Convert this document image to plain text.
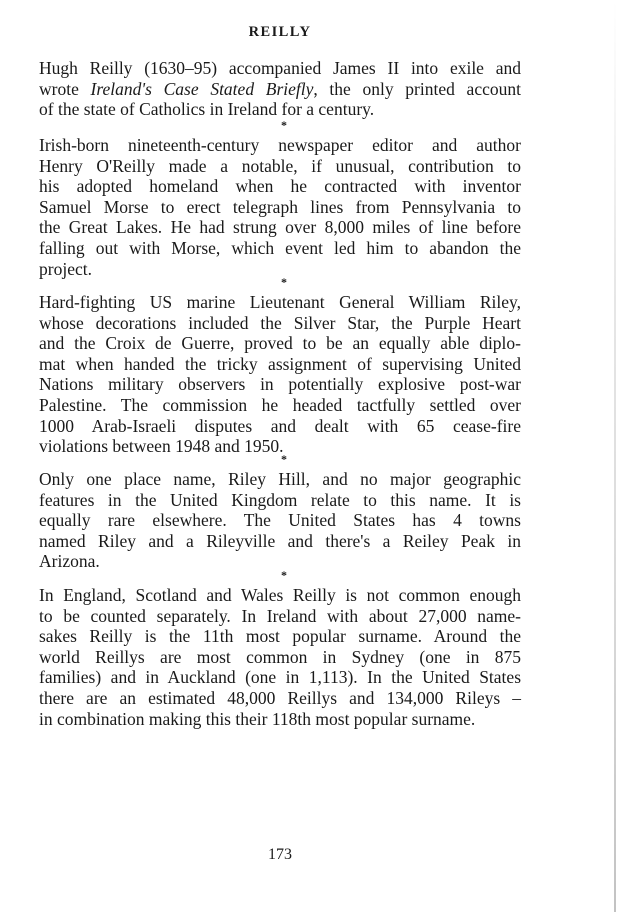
REILLY

Hugh Reilly (1630–95) accompanied James II into exile and
wrote Ireland's Case Stated Briefly, the only printed account
of the state of Catholics in Ireland for a century.

*

Irish-born nineteenth-century newspaper editor and author
Henry O'Reilly made a notable, if unusual, contribution to
his adopted homeland when he contracted with inventor
Samuel Morse to erect telegraph lines from Pennsylvania to
the Great Lakes. He had strung over 8,000 miles of line before
falling out with Morse, which event led him to abandon the
project.

*

Hard-fighting US marine Lieutenant General William Riley,
whose decorations included the Silver Star, the Purple Heart
and the Croix de Guerre, proved to be an equally able diplo-
mat when handed the tricky assignment of supervising United
Nations military observers in potentially explosive post-war
Palestine. The commission he headed tactfully settled over
1000 Arab-Israeli disputes and dealt with 65 cease-fire
violations between 1948 and 1950.

*

Only one place name, Riley Hill, and no major geographic
features in the United Kingdom relate to this name. It is
equally rare elsewhere. The United States has 4 towns
named Riley and a Rileyville and there's a Reiley Peak in
Arizona.

*

In England, Scotland and Wales Reilly is not common enough
to be counted separately. In Ireland with about 27,000 name-
sakes Reilly is the 11th most popular surname. Around the
world Reillys are most common in Sydney (one in 875
families) and in Auckland (one in 1,113). In the United States
there are an estimated 48,000 Reillys and 134,000 Rileys –
in combination making this their 118th most popular surname.

173
